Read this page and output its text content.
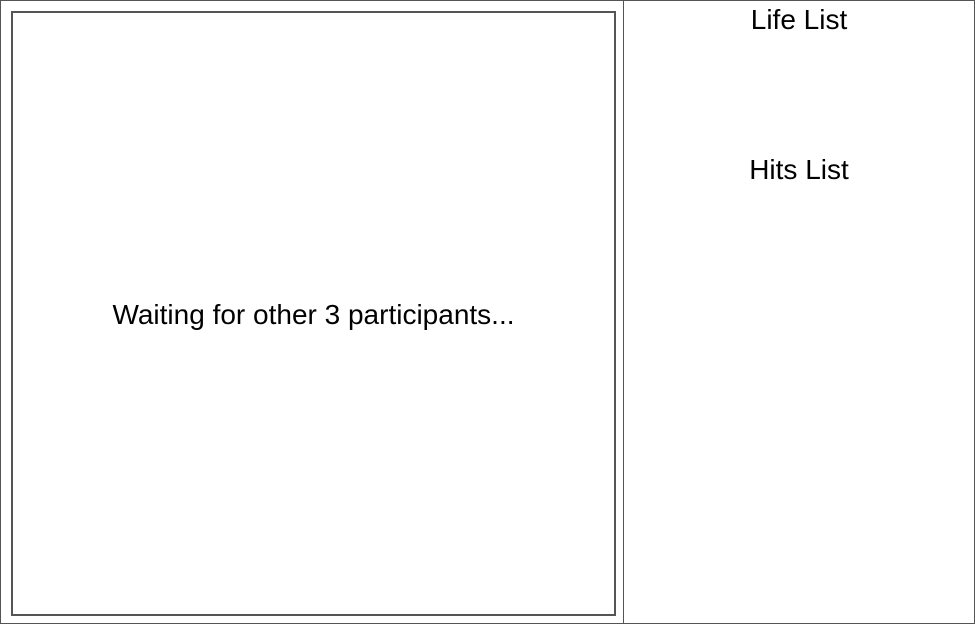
Waiting for other 3 participants...
Life List
Hits List
